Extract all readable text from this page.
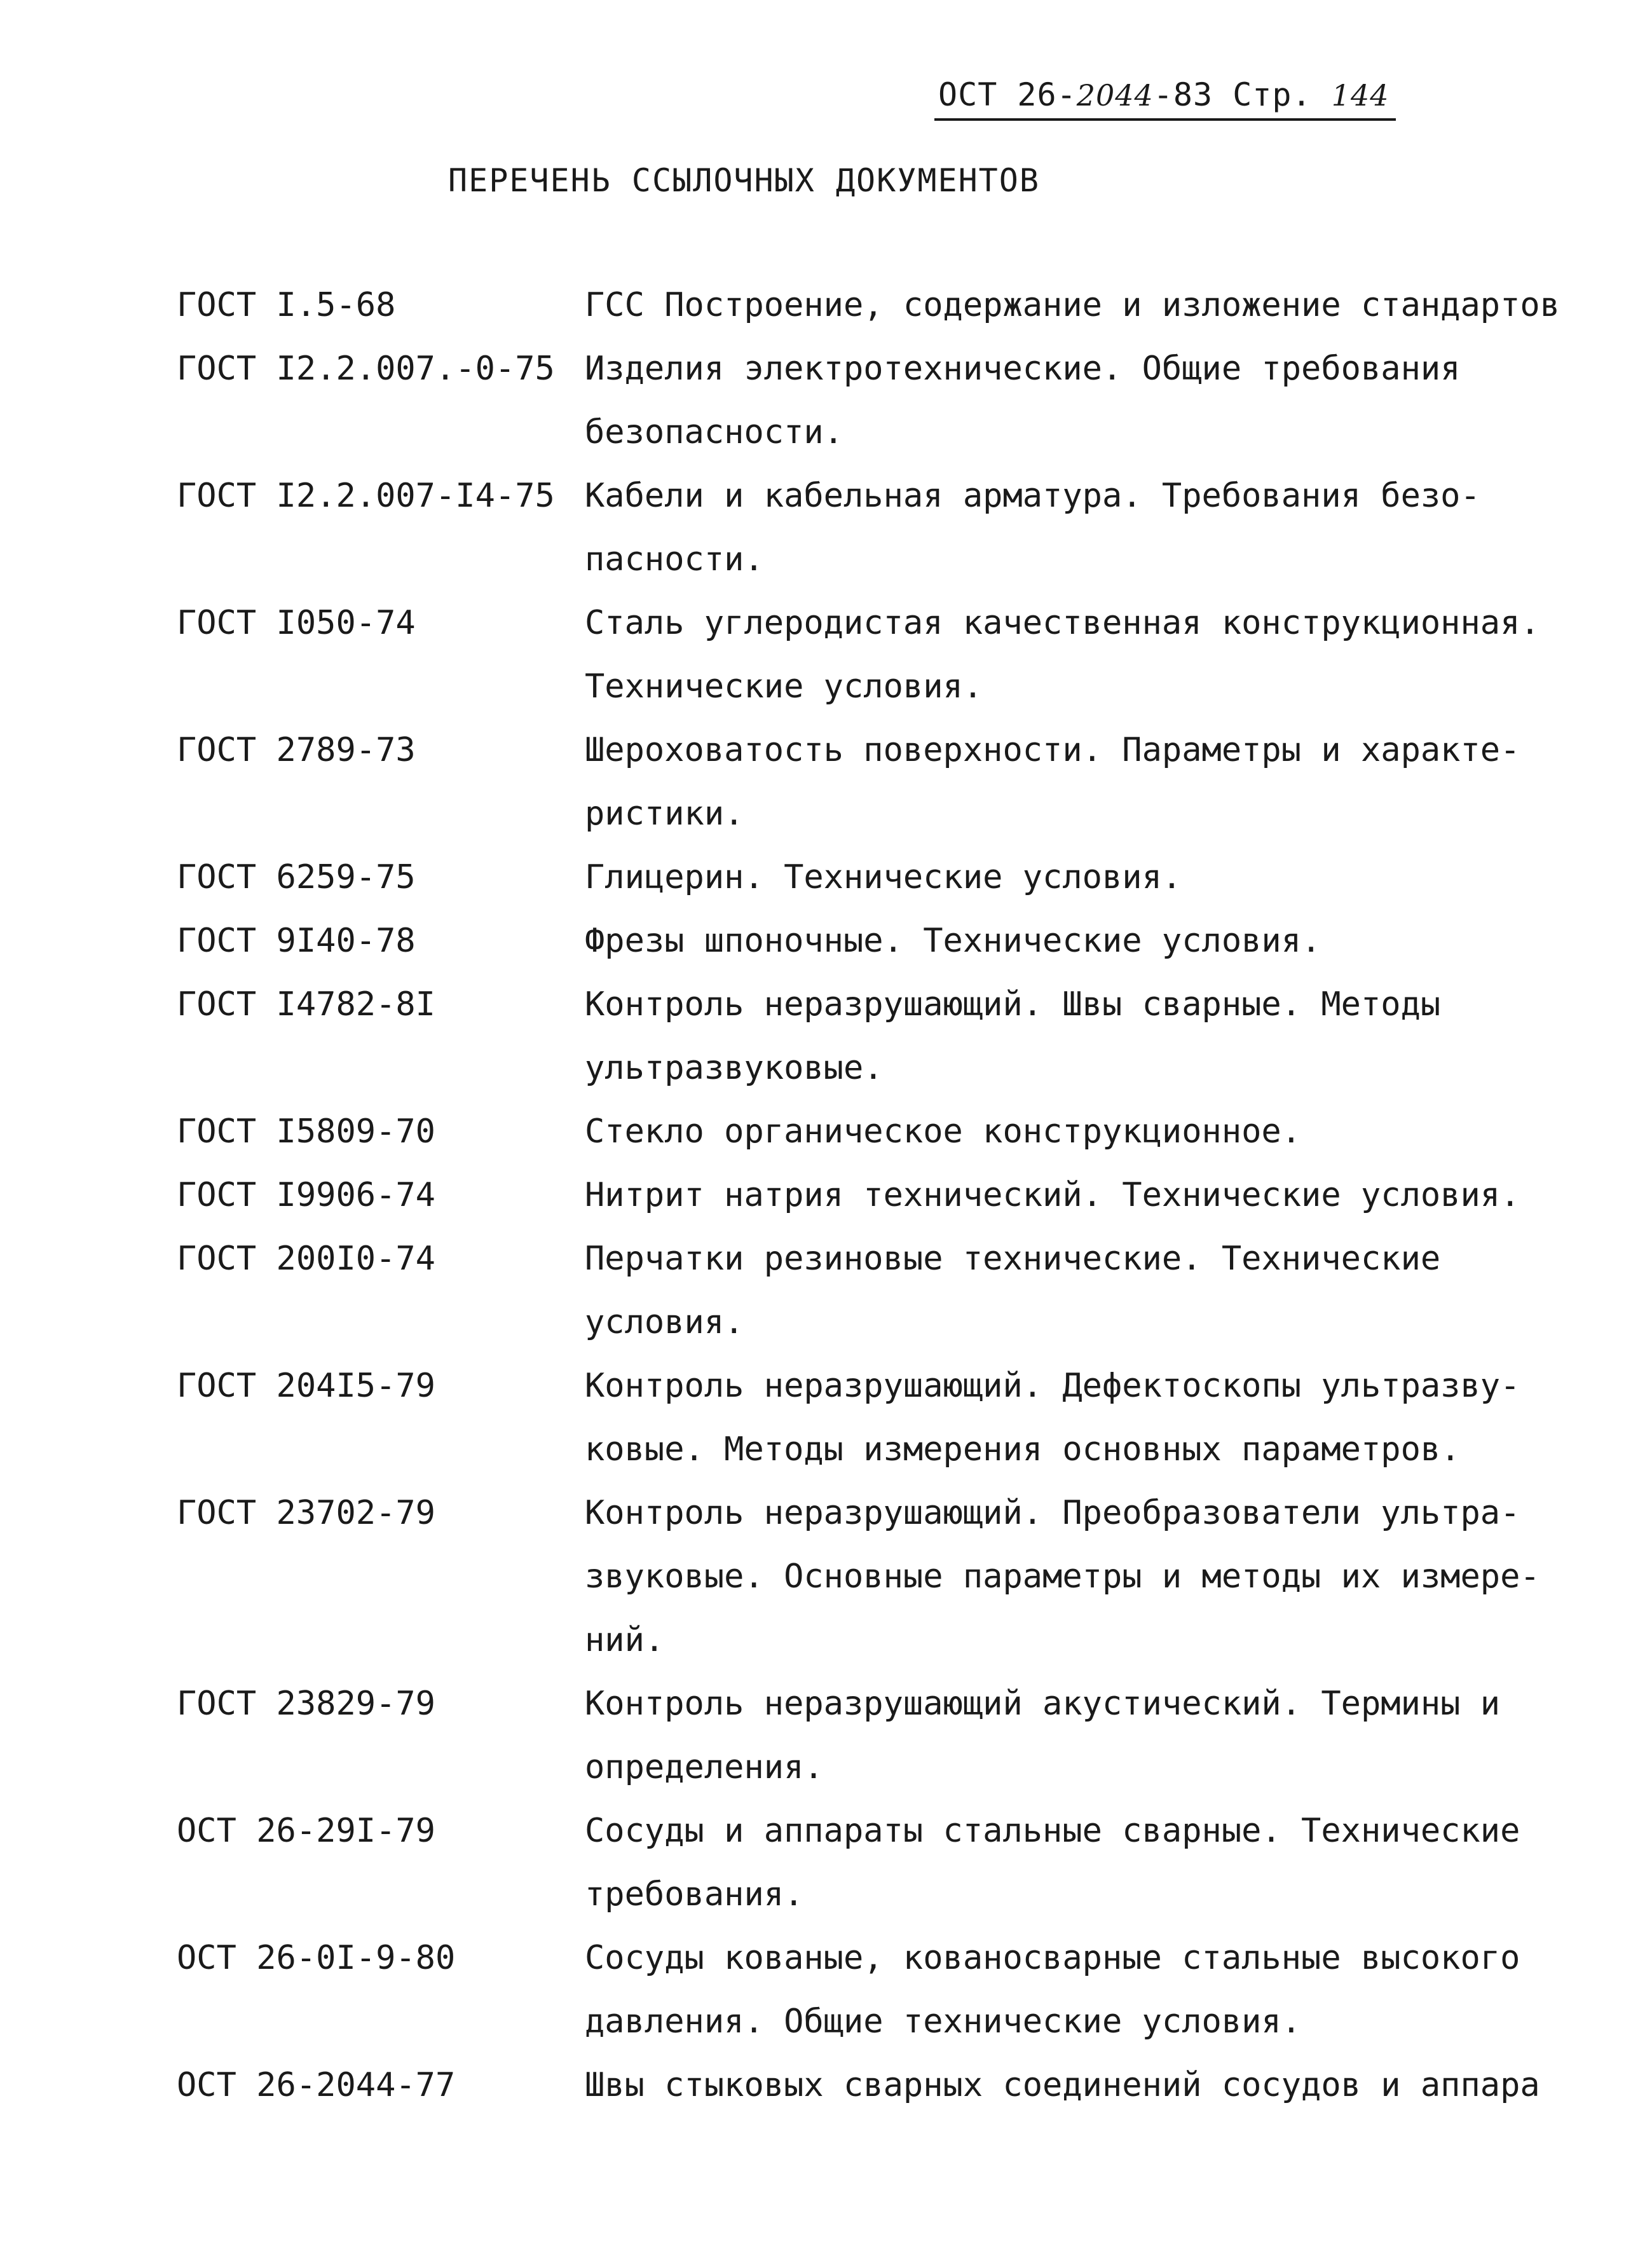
ОСТ 26-2044-83 Стр. 144
ПЕРЕЧЕНЬ ССЫЛОЧНЫХ ДОКУМЕНТОВ
ГОСТ I.5-68	ГСС Построение, содержание и изложение стандартов
ГОСТ I2.2.007.-0-75 Изделия электротехнические. Общие требования
безопасности.
ГОСТ I2.2.007-I4-75 Кабели и кабельная арматура. Требования безо-
пасности.
ГОСТ I050-74	Сталь углеродистая качественная конструкционная.
Технические условия.
ГОСТ 2789-73	Шероховатость поверхности. Параметры и характе-
ристики.
ГОСТ 6259-75	Глицерин. Технические условия.
ГОСТ 9I40-78	Фрезы шпоночные. Технические условия.
ГОСТ I4782-8I	Контроль неразрушающий. Швы сварные. Методы
ультразвуковые.
ГОСТ I5809-70	Стекло органическое конструкционное.
ГОСТ I9906-74	Нитрит натрия технический. Технические условия.
ГОСТ 200I0-74	Перчатки резиновые технические. Технические
условия.
ГОСТ 204I5-79	Контроль неразрушающий. Дефектоскопы ультразву-
ковые. Методы измерения основных параметров.
ГОСТ 23702-79	Контроль неразрушающий. Преобразователи ультра-
звуковые. Основные параметры и методы их измере-
ний.
ГОСТ 23829-79	Контроль неразрушающий акустический. Термины и
определения.
ОСТ 26-29I-79	Сосуды и аппараты стальные сварные. Технические
требования.
ОСТ 26-0I-9-80	Сосуды кованые, кованосварные стальные высокого
давления. Общие технические условия.
ОСТ 26-2044-77	Швы стыковых сварных соединений сосудов и аппара
